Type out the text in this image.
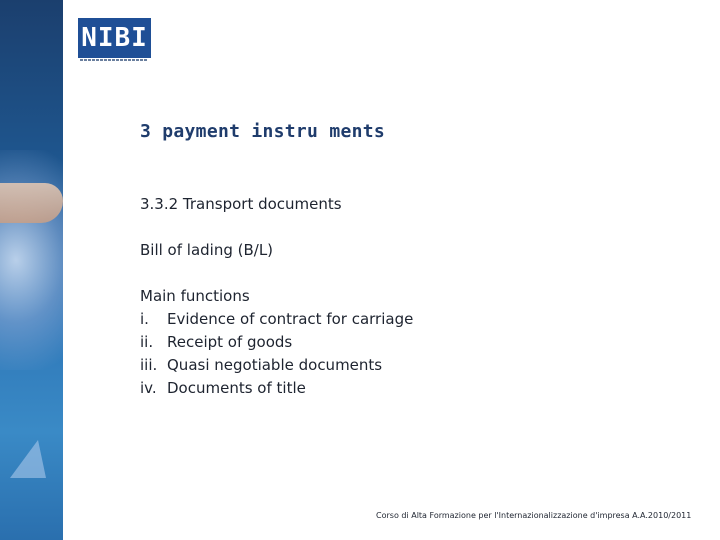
NIBI
3 payment instru ments

3.3.2 Transport documents

Bill of lading (B/L)

Main functions

i.	Evidence of contract for carriage
ii. Receipt of goods
iii. Quasi negotiable documents
iv. Documents of title

Corso di Alta Formazione per l'Internazionalizzazione d'impresa A.A.2010/2011
